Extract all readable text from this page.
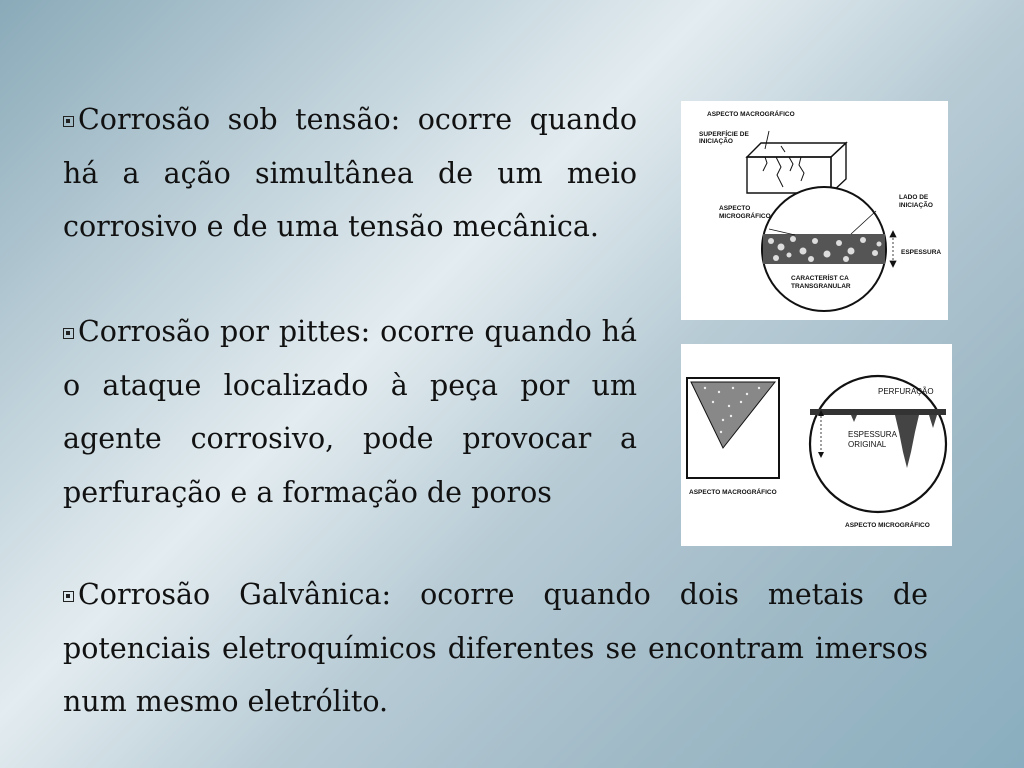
Corrosão sob tensão: ocorre quando há a ação simultânea de um meio corrosivo e de uma tensão mecânica.

Corrosão por pittes: ocorre quando há o ataque localizado à peça por um agente corrosivo, pode provocar a perfuração e a formação de poros

Corrosão Galvânica: ocorre quando dois metais de potenciais eletroquímicos diferentes se encontram imersos num mesmo eletrólito.

ASPECTO MACROGRÁFICO
SUPERFÍCIE DE
INICIAÇÃO
ASPECTO
MICROGRÁFICO
LADO DE
INICIAÇÃO
ESPESSURA
CARACTERÍST CA
TRANSGRANULAR
ASPECTO MACROGRÁFICO
PERFURAÇÃO
ESPESSURA
ORIGINAL
ASPECTO MICROGRÁFICO
